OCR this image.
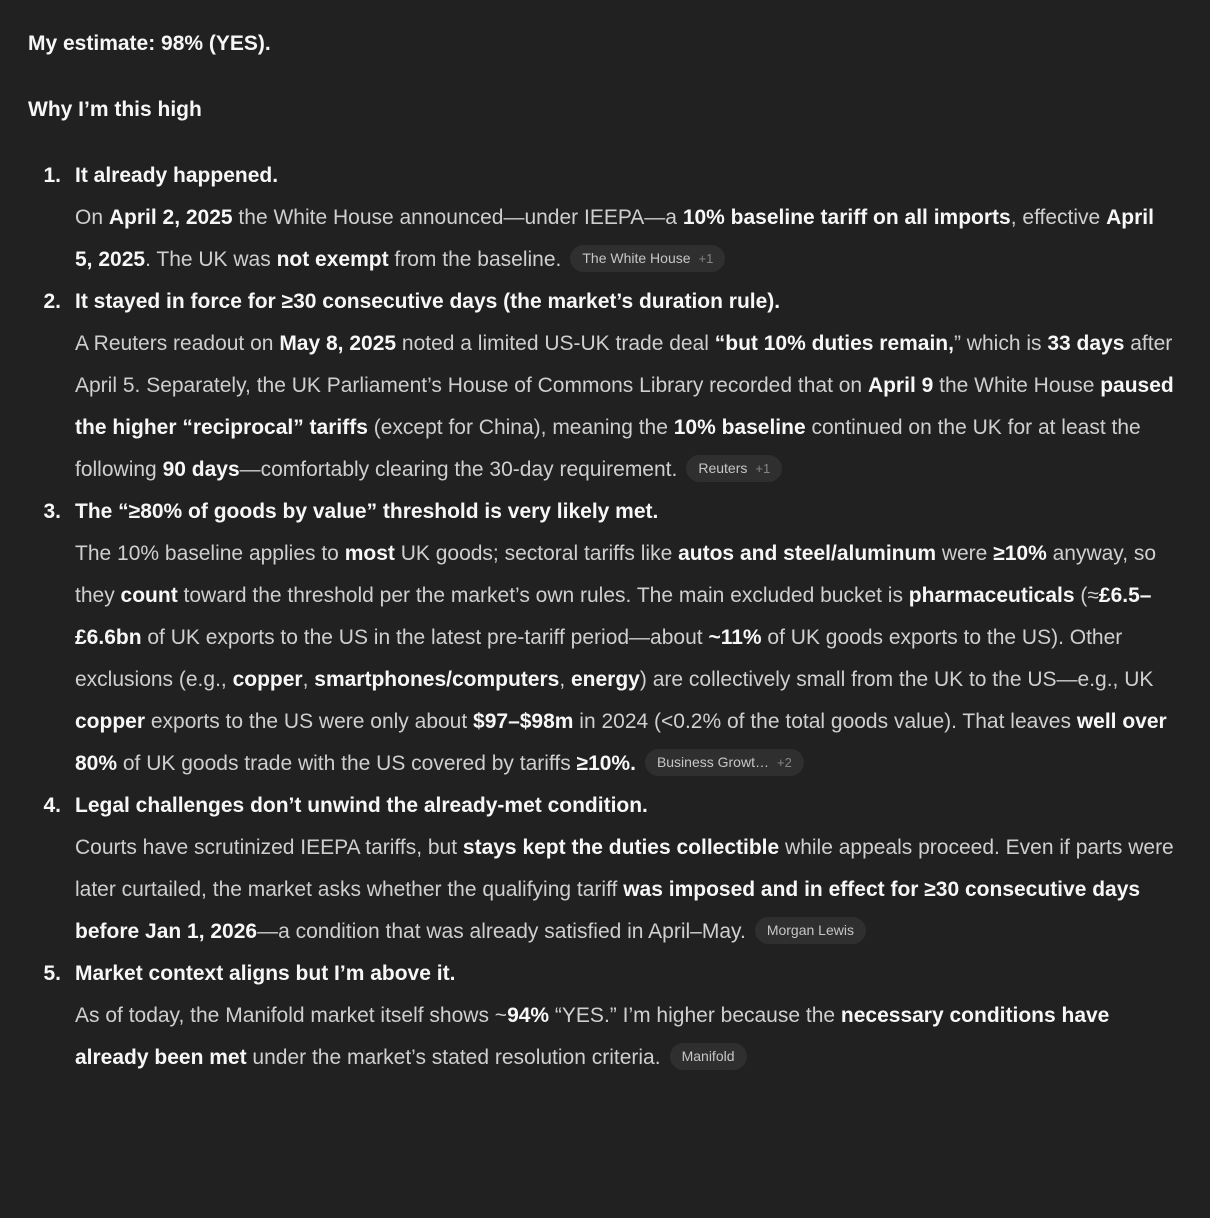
My estimate: 98% (YES).

Why I’m this high

1. It already happened.
On April 2, 2025 the White House announced—under IEEPA—a 10% baseline tariff on all imports, effective April 5, 2025. The UK was not exempt from the baseline. The White House +1
2. It stayed in force for ≥30 consecutive days (the market’s duration rule).
A Reuters readout on May 8, 2025 noted a limited US-UK trade deal “but 10% duties remain,” which is 33 days after April 5. Separately, the UK Parliament’s House of Commons Library recorded that on April 9 the White House paused the higher “reciprocal” tariffs (except for China), meaning the 10% baseline continued on the UK for at least the following 90 days—comfortably clearing the 30-day requirement. Reuters +1
3. The “≥80% of goods by value” threshold is very likely met.
The 10% baseline applies to most UK goods; sectoral tariffs like autos and steel/aluminum were ≥10% anyway, so they count toward the threshold per the market’s own rules. The main excluded bucket is pharmaceuticals (≈£6.5–£6.6bn of UK exports to the US in the latest pre-tariff period—about ~11% of UK goods exports to the US). Other exclusions (e.g., copper, smartphones/computers, energy) are collectively small from the UK to the US—e.g., UK copper exports to the US were only about $97–$98m in 2024 (<0.2% of the total goods value). That leaves well over 80% of UK goods trade with the US covered by tariffs ≥10%. Business Growt… +2
4. Legal challenges don’t unwind the already-met condition.
Courts have scrutinized IEEPA tariffs, but stays kept the duties collectible while appeals proceed. Even if parts were later curtailed, the market asks whether the qualifying tariff was imposed and in effect for ≥30 consecutive days before Jan 1, 2026—a condition that was already satisfied in April–May. Morgan Lewis
5. Market context aligns but I’m above it.
As of today, the Manifold market itself shows ~94% “YES.” I’m higher because the necessary conditions have already been met under the market’s stated resolution criteria. Manifold
